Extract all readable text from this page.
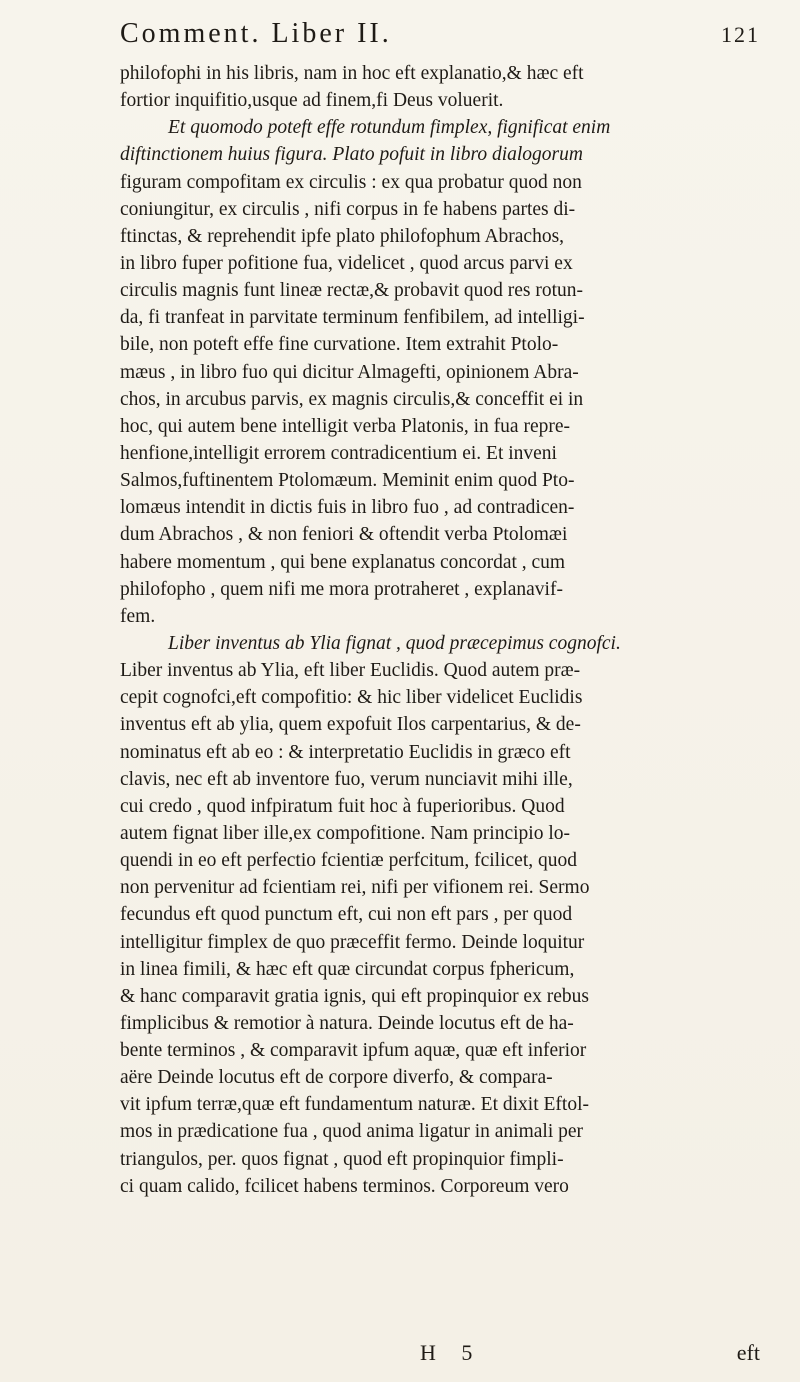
Comment. Liber II.	121
philofophi in his libris, nam in hoc eft explanatio,& hæc eft
fortior inquifitio,usque ad finem,fi Deus voluerit.
Et quomodo poteft effe rotundum fimplex, fignificat enim
diftinctionem huius figura. Plato pofuit in libro dialogorum
figuram compofitam ex circulis : ex qua probatur quod non
coniungitur, ex circulis , nifi corpus in fe habens partes di-
ftinctas, & reprehendit ipfe plato philofophum Abrachos,
in libro fuper pofitione fua, videlicet , quod arcus parvi ex
circulis magnis funt lineæ rectæ,& probavit quod res rotun-
da, fi tranfeat in parvitate terminum fenfibilem, ad intelligi-
bile, non poteft effe fine curvatione. Item extrahit Ptolo-
mæus , in libro fuo qui dicitur Almagefti, opinionem Abra-
chos, in arcubus parvis, ex magnis circulis,& conceffit ei in
hoc, qui autem bene intelligit verba Platonis, in fua repre-
henfione,intelligit errorem contradicentium ei. Et inveni
Salmos,fuftinentem Ptolomæum. Meminit enim quod Pto-
lomæus intendit in dictis fuis in libro fuo , ad contradicen-
dum Abrachos , & non feniori & oftendit verba Ptolomæi
habere momentum , qui bene explanatus concordat , cum
philofopho , quem nifi me mora protraheret , explanavif-
fem.
Liber inventus ab Ylia fignat , quod præcepimus cognofci.
Liber inventus ab Ylia, eft liber Euclidis. Quod autem præ-
cepit cognofci,eft compofitio: & hic liber videlicet Euclidis
inventus eft ab ylia, quem expofuit Ilos carpentarius, & de-
nominatus eft ab eo : & interpretatio Euclidis in græco eft
clavis, nec eft ab inventore fuo, verum nunciavit mihi ille,
cui credo , quod infpiratum fuit hoc à fuperioribus. Quod
autem fignat liber ille,ex compofitione. Nam principio lo-
quendi in eo eft perfectio fcientiæ perfcitum, fcilicet, quod
non pervenitur ad fcientiam rei, nifi per vifionem rei. Sermo
fecundus eft quod punctum eft, cui non eft pars , per quod
intelligitur fimplex de quo præceffit fermo. Deinde loquitur
in linea fimili, & hæc eft quæ circundat corpus fphericum,
& hanc comparavit gratia ignis, qui eft propinquior ex rebus
fimplicibus & remotior à natura. Deinde locutus eft de ha-
bente terminos , & comparavit ipfum aquæ, quæ eft inferior
aëre Deinde locutus eft de corpore diverfo, & compara-
vit ipfum terræ,quæ eft fundamentum naturæ. Et dixit Eftol-
mos in prædicatione fua , quod anima ligatur in animali per
triangulos, per. quos fignat , quod eft propinquior fimpli-
ci quam calido, fcilicet habens terminos. Corporeum vero
H 5	eft
